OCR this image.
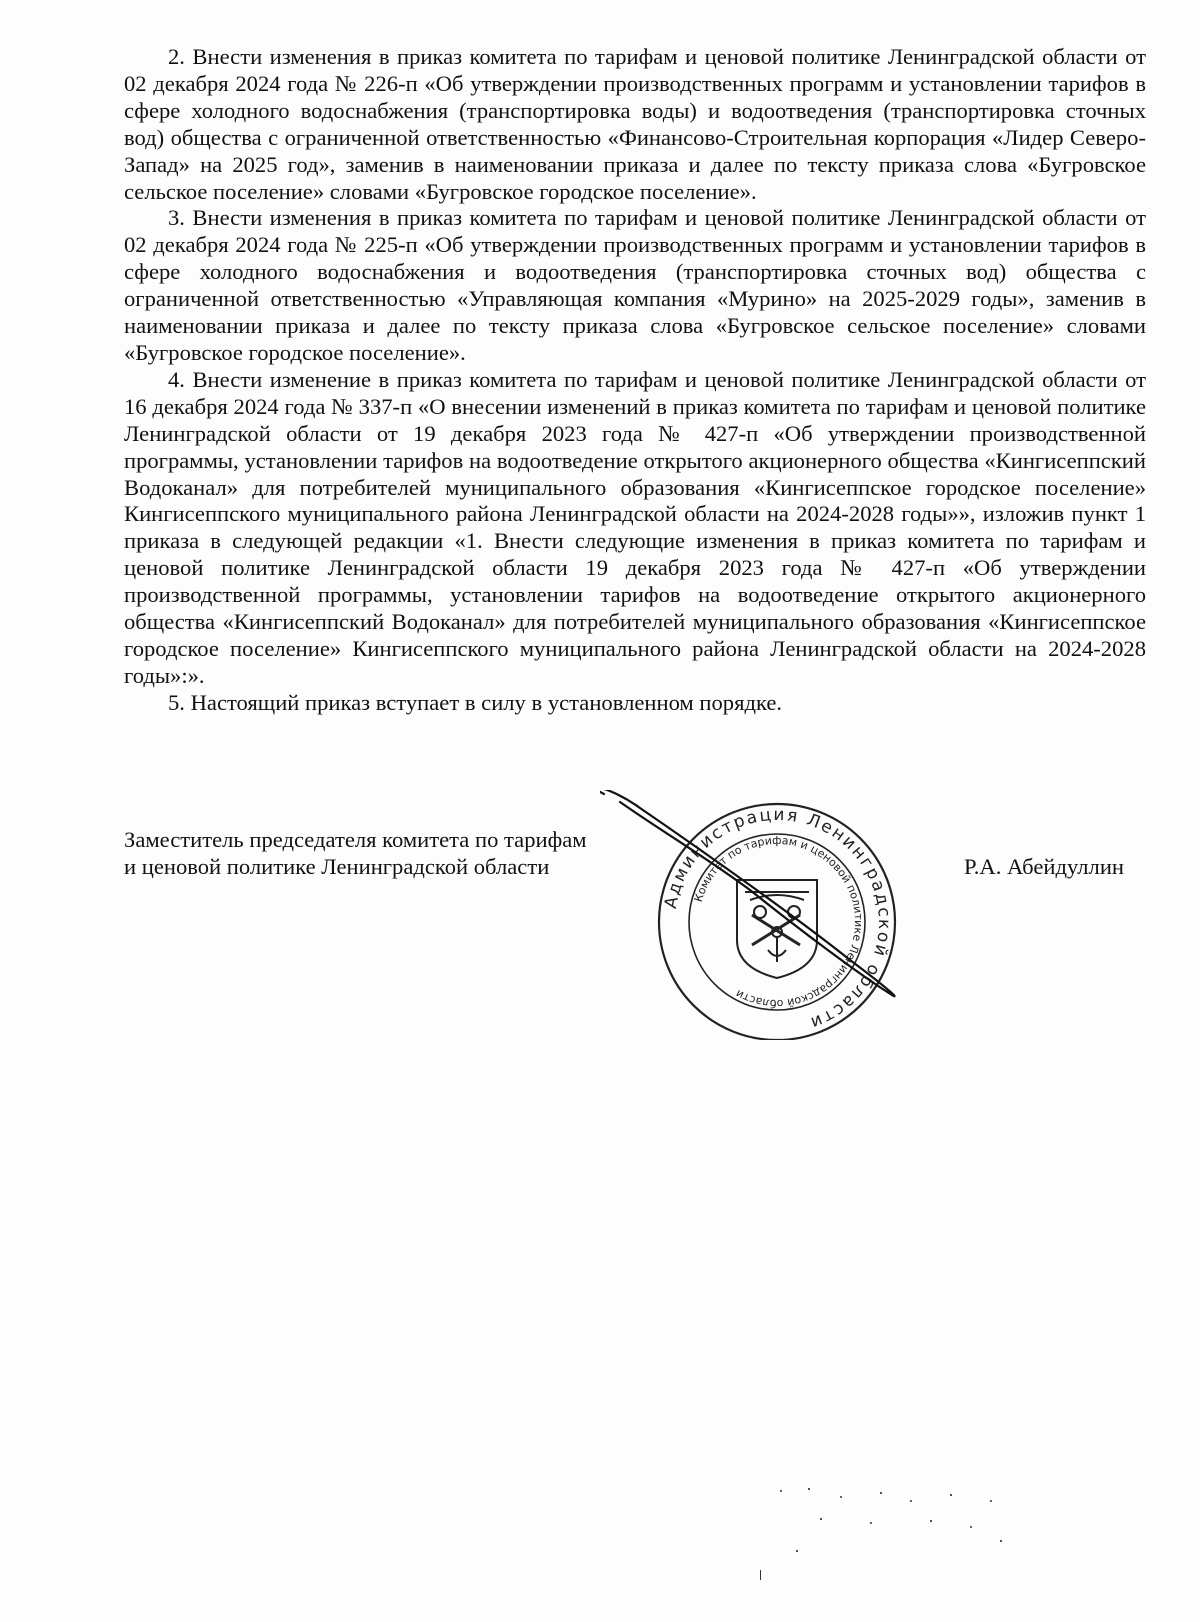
2. Внести изменения в приказ комитета по тарифам и ценовой политике Ленинградской области от 02 декабря 2024 года № 226-п «Об утверждении производственных программ и установлении тарифов в сфере холодного водоснабжения (транспортировка воды) и водоотведения (транспортировка сточных вод) общества с ограниченной ответственностью «Финансово-Строительная корпорация «Лидер Северо-Запад» на 2025 год», заменив в наименовании приказа и далее по тексту приказа слова «Бугровское сельское поселение» словами «Бугровское городское поселение».

3. Внести изменения в приказ комитета по тарифам и ценовой политике Ленинградской области от 02 декабря 2024 года № 225-п «Об утверждении производственных программ и установлении тарифов в сфере холодного водоснабжения и водоотведения (транспортировка сточных вод) общества с ограниченной ответственностью «Управляющая компания «Мурино» на 2025-2029 годы», заменив в наименовании приказа и далее по тексту приказа слова «Бугровское сельское поселение» словами «Бугровское городское поселение».

4. Внести изменение в приказ комитета по тарифам и ценовой политике Ленинградской области от 16 декабря 2024 года № 337-п «О внесении изменений в приказ комитета по тарифам и ценовой политике Ленинградской области от 19 декабря 2023 года № 427-п «Об утверждении производственной программы, установлении тарифов на водоотведение открытого акционерного общества «Кингисеппский Водоканал» для потребителей муниципального образования «Кингисеппское городское поселение» Кингисеппского муниципального района Ленинградской области на 2024-2028 годы»», изложив пункт 1 приказа в следующей редакции «1. Внести следующие изменения в приказ комитета по тарифам и ценовой политике Ленинградской области 19 декабря 2023 года № 427-п «Об утверждении производственной программы, установлении тарифов на водоотведение открытого акционерного общества «Кингисеппский Водоканал» для потребителей муниципального образования «Кингисеппское городское поселение» Кингисеппского муниципального района Ленинградской области на 2024-2028 годы»:».

5. Настоящий приказ вступает в силу в установленном порядке.

Заместитель председателя комитета по тарифам
и ценовой политике Ленинградской области	Р.А. Абейдуллин
Администрация Ленинградской области
Комитет по тарифам и ценовой политике Ленинградской области
